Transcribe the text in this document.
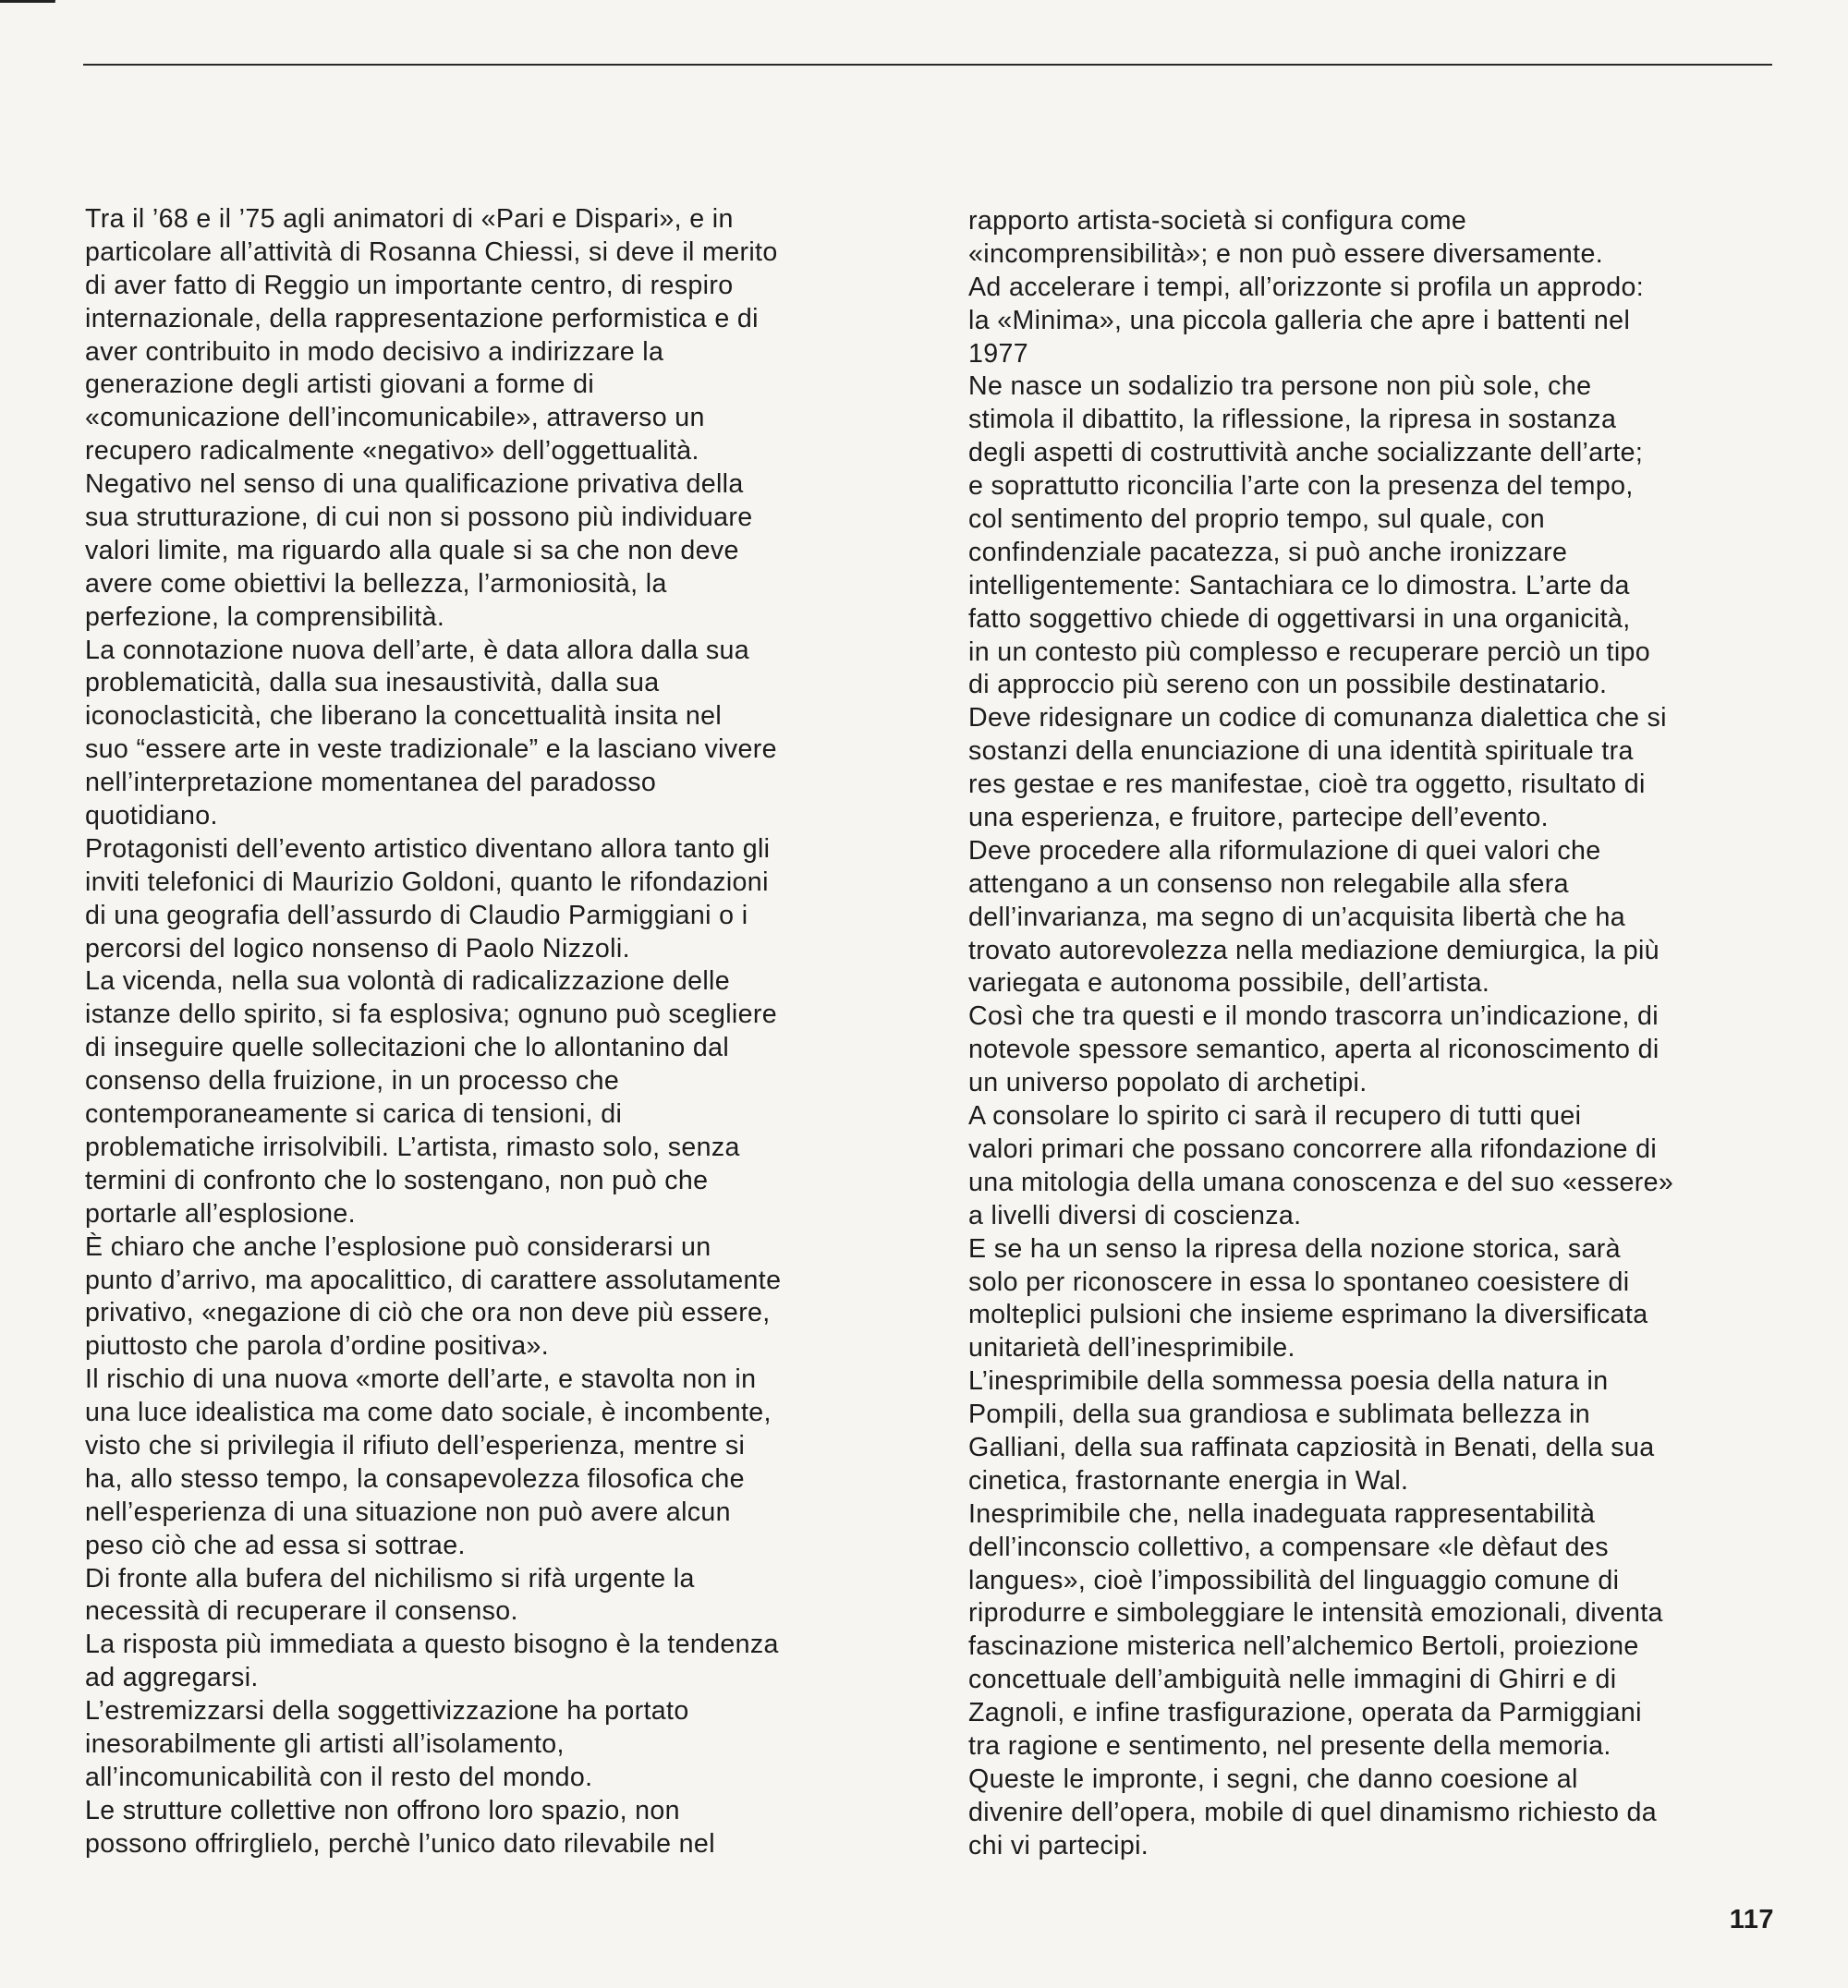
Tra il ’68 e il ’75 agli animatori di «Pari e Dispari», e in
particolare all’attività di Rosanna Chiessi, si deve il merito
di aver fatto di Reggio un importante centro, di respiro
internazionale, della rappresentazione performistica e di
aver contribuito in modo decisivo a indirizzare la
generazione degli artisti giovani a forme di
«comunicazione dell’incomunicabile», attraverso un
recupero radicalmente «negativo» dell’oggettualità.
Negativo nel senso di una qualificazione privativa della
sua strutturazione, di cui non si possono più individuare
valori limite, ma riguardo alla quale si sa che non deve
avere come obiettivi la bellezza, l’armoniosità, la
perfezione, la comprensibilità.
La connotazione nuova dell’arte, è data allora dalla sua
problematicità, dalla sua inesaustività, dalla sua
iconoclasticità, che liberano la concettualità insita nel
suo “essere arte in veste tradizionale” e la lasciano vivere
nell’interpretazione momentanea del paradosso
quotidiano.
Protagonisti dell’evento artistico diventano allora tanto gli
inviti telefonici di Maurizio Goldoni, quanto le rifondazioni
di una geografia dell’assurdo di Claudio Parmiggiani o i
percorsi del logico nonsenso di Paolo Nizzoli.
La vicenda, nella sua volontà di radicalizzazione delle
istanze dello spirito, si fa esplosiva; ognuno può scegliere
di inseguire quelle sollecitazioni che lo allontanino dal
consenso della fruizione, in un processo che
contemporaneamente si carica di tensioni, di
problematiche irrisolvibili. L’artista, rimasto solo, senza
termini di confronto che lo sostengano, non può che
portarle all’esplosione.
È chiaro che anche l’esplosione può considerarsi un
punto d’arrivo, ma apocalittico, di carattere assolutamente
privativo, «negazione di ciò che ora non deve più essere,
piuttosto che parola d’ordine positiva».
Il rischio di una nuova «morte dell’arte, e stavolta non in
una luce idealistica ma come dato sociale, è incombente,
visto che si privilegia il rifiuto dell’esperienza, mentre si
ha, allo stesso tempo, la consapevolezza filosofica che
nell’esperienza di una situazione non può avere alcun
peso ciò che ad essa si sottrae.
Di fronte alla bufera del nichilismo si rifà urgente la
necessità di recuperare il consenso.
La risposta più immediata a questo bisogno è la tendenza
ad aggregarsi.
L’estremizzarsi della soggettivizzazione ha portato
inesorabilmente gli artisti all’isolamento,
all’incomunicabilità con il resto del mondo.
Le strutture collettive non offrono loro spazio, non
possono offrirglielo, perchè l’unico dato rilevabile nel
rapporto artista-società si configura come
«incomprensibilità»; e non può essere diversamente.
Ad accelerare i tempi, all’orizzonte si profila un approdo:
la «Minima», una piccola galleria che apre i battenti nel
1977
Ne nasce un sodalizio tra persone non più sole, che
stimola il dibattito, la riflessione, la ripresa in sostanza
degli aspetti di costruttività anche socializzante dell’arte;
e soprattutto riconcilia l’arte con la presenza del tempo,
col sentimento del proprio tempo, sul quale, con
confindenziale pacatezza, si può anche ironizzare
intelligentemente: Santachiara ce lo dimostra. L’arte da
fatto soggettivo chiede di oggettivarsi in una organicità,
in un contesto più complesso e recuperare perciò un tipo
di approccio più sereno con un possibile destinatario.
Deve ridesignare un codice di comunanza dialettica che si
sostanzi della enunciazione di una identità spirituale tra
res gestae e res manifestae, cioè tra oggetto, risultato di
una esperienza, e fruitore, partecipe dell’evento.
Deve procedere alla riformulazione di quei valori che
attengano a un consenso non relegabile alla sfera
dell’invarianza, ma segno di un’acquisita libertà che ha
trovato autorevolezza nella mediazione demiurgica, la più
variegata e autonoma possibile, dell’artista.
Così che tra questi e il mondo trascorra un’indicazione, di
notevole spessore semantico, aperta al riconoscimento di
un universo popolato di archetipi.
A consolare lo spirito ci sarà il recupero di tutti quei
valori primari che possano concorrere alla rifondazione di
una mitologia della umana conoscenza e del suo «essere»
a livelli diversi di coscienza.
E se ha un senso la ripresa della nozione storica, sarà
solo per riconoscere in essa lo spontaneo coesistere di
molteplici pulsioni che insieme esprimano la diversificata
unitarietà dell’inesprimibile.
L’inesprimibile della sommessa poesia della natura in
Pompili, della sua grandiosa e sublimata bellezza in
Galliani, della sua raffinata capziosità in Benati, della sua
cinetica, frastornante energia in Wal.
Inesprimibile che, nella inadeguata rappresentabilità
dell’inconscio collettivo, a compensare «le dèfaut des
langues», cioè l’impossibilità del linguaggio comune di
riprodurre e simboleggiare le intensità emozionali, diventa
fascinazione misterica nell’alchemico Bertoli, proiezione
concettuale dell’ambiguità nelle immagini di Ghirri e di
Zagnoli, e infine trasfigurazione, operata da Parmiggiani
tra ragione e sentimento, nel presente della memoria.
Queste le impronte, i segni, che danno coesione al
divenire dell’opera, mobile di quel dinamismo richiesto da
chi vi partecipi.
117
